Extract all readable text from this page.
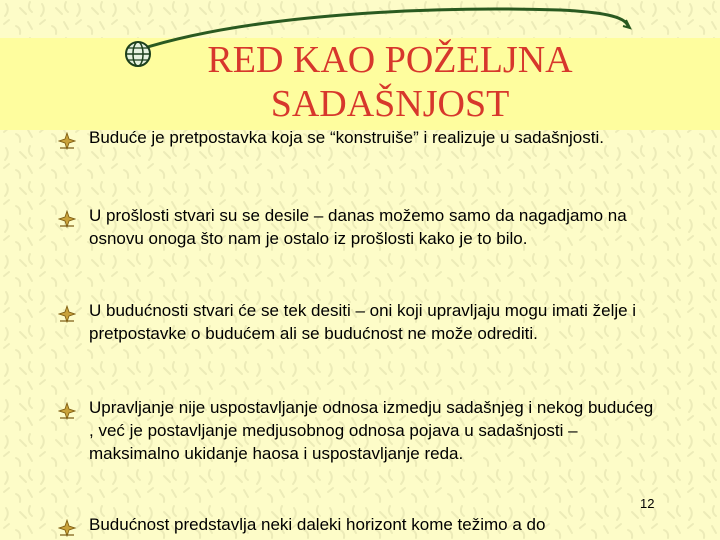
RED KAO POŽELJNA
SADAŠNJOST
Buduće je pretpostavka koja se “konstruiše” i realizuje u sadašnjosti.
U prošlosti stvari su se desile – danas možemo samo da nagadjamo na osnovu onoga što nam je ostalo iz prošlosti kako je to bilo.
U budućnosti stvari će se tek desiti – oni koji upravljaju mogu imati želje i pretpostavke o budućem ali se budućnost ne može odrediti.
Upravljanje nije uspostavljanje odnosa izmedju sadašnjeg i nekog budućeg , već je postavljanje medjusobnog odnosa pojava u sadašnjosti – maksimalno ukidanje haosa i uspostavljanje reda.
Budućnost predstavlja neki daleki horizont kome težimo a do
12
